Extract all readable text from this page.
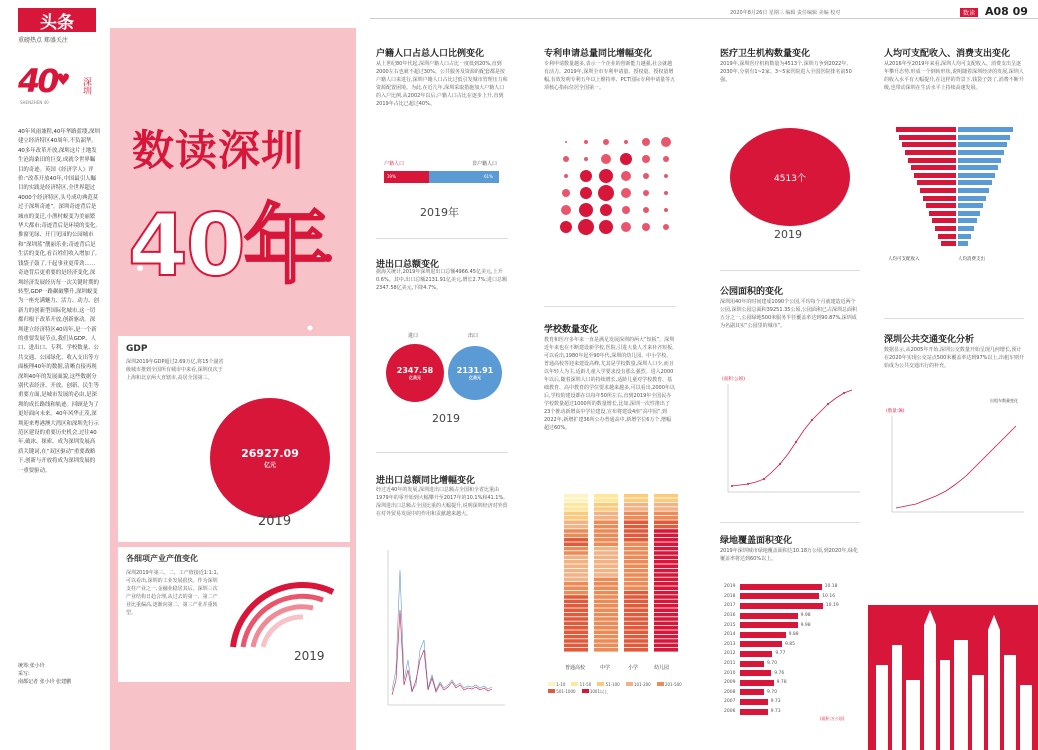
头条
重磅热点 郑盛关注
2020年8月26日 星期三 编辑 责任编辑 美编 校对	数读 A08 09
40 ♥ 深圳
SHENZHEN 40
40年风雨兼程,40年华路蓝缕,深圳建立经济特区40周年,不负韶华。40多年改革开放,深圳这片土地发生沧海桑田的巨变,成就令世界瞩目的奇迹。英国《经济学人》评价:“改革开放40年,中国最引人瞩目的实践是经济特区,全世界超过4000个经济特区,头号成功典范莫过于深圳奇迹”。深圳奇迹背后是城市的变迁,小渔村蜕变为美丽繁华大都市;奇迹背后是环境的变化,推窗见绿、开门见园的公园城市和“深圳蓝”靓丽乐业;奇迹背后是生活的变化,看百姓们收入增加了,钱袋子鼓了,干起事业更带劲……奇迹背后更重要的是经济变化,深圳经济发展经历每一次关键时期的转型,GDP一路飙破攀升,深圳蜕变为一座充满魅力、活力、动力、创新力的创新型国际化城市,这一切都归根于改革开放,创新驱动。深圳建立经济特区40周年,是一个新的重要发展节点,我们从GDP、人口、进出口、专利、学校数量、公共交通、公园绿化、收入支出等方面梳理40年的数据,清晰直接再现深圳40年的发展面貌,这些数据分别代表经济、开放、创新、民生等重要方面,是城市发展的必由,是深圳的成长路线和轨迹。回顾是为了更好面向未来。40年风华正茂,深圳迎来粤港澳大湾区和深圳先行示范区建设的重要历史机会,过往40年,破冰、探索、成为深圳发展高质关键词,在“双区驱动”重要战略下,创新与开放将成为深圳发展的一重要驱动。
统筹:张小玲
采写:
南都记者 张小玲 张建鹏
数读深圳
40年
GDP
深圳2019年GDP超过2.69万亿,将15个副省级城市推到全国所有城市中来看,深圳仅次于上海和北京两大直辖市,高居全国第三。
26927.09
亿元
2019
各细项产业产值变化
深圳2019年第三、二、工产值接近1:1:1,可以看出,深圳的工业发展很快。作为深圳支柱产业之一,金融业稳居其后。深圳三次产业结构日趋合理,从过去的第一、第二产业比重偏高,逐渐向第二、第三产业并重转型。
2019
户籍人口占总人口比例变化
从上世纪80年代起,深圳户籍人口占比一度低到20%,直到2000左右也就不超过30%。公共服务及资源的配套都是按户籍人口来进行,深圳户籍人口占比过低引发城市管理压力和资源配置困境。为此,在近几年,深圳采取措施加大户籍人口的入户比例,从2002年以后,户籍人口占比在逐步上升,直到2019年占比已超过40%。
户籍人口	非户籍人口
39%	61%
2019年
进出口总额变化
据海关统计,2019年深圳进出口总额4966.45亿美元,上升0.6%。其中,出口总额2131.91亿美元,增长2.7%;进口总额2347.58亿美元,下降4.7%。
进口	出口
2347.58
亿美元
2131.91
亿美元
2019
进出口总额同比增幅变化
经过近40年的发展,深圳进出口总额占全国和全省比重由1979年的零开始到大幅攀升至2017年的10.1%和41.1%,深圳进出口总额占全国比重的大幅提升,说明深圳经济对外贸在对外贸易发展中的作用和贡献越来越大。
专利申请总量同比增幅变化
专利申请数量越多,表示一个企业的创新能力越强,社会就越有活力。2019年,深圳全市专利申请量、授权量、授权量增幅,有效发明专利五年以上维持率、PCT国际专利申请量等五项核心指标位居全国第一。
学校数量变化
教育和医疗多年来一直是满足发展深圳的两大“短板”。深圳近年来也在不断建设新学校,医院,引进大量人才来补齐短板,可以看出,1980年起至90年代,深圳的幼儿园、中小学校、普通高校等迎来建设高峰,尤其是学校数量,深圳人口少,而且以年轻人为主,适龄儿童入学要求没有那么强烈。进入2000年以后,随着深圳人口的持续增长,适龄儿童对学校教育、基础教育、高中教育的学位要求越来越多,可以看出,2000年以后,学校的建设都在以每年50所左右,直到2019年全国民办学校数量超过1000所的数量增长,比如,深圳一次性推出了23个推动新增高中学位建设,宣布将建设4座“高中园”,到2022年,新增扩建36所公办普通高中,新增学位6万个,增幅超过60%。
普通高校	中学	小学	幼儿园
1-10	11-50	51-100	101-200	201-500
501-1000	1001以上
医疗卫生机构数量变化
2019年,深圳医疗机构数量为4513个,深圳力争到2022年、2030年,分别有1~2家、3~5家医院进入全国医院排名前50强。
4513个
2019
公园面积的变化
深圳用40年的时间建成1090个公园,平均每个月就建造近两个公园,深圳公园总面积39251.35公顷,公园面积已占深圳总面积五分之一,公园绿地500米服务半径覆盖率达到90.87%,深圳成为名副其实“公园里的城市”。
(面积:公顷)
绿地覆盖面积变化
2019年深圳城市绿地覆盖面积达10.18万公顷,到2020年,绿化覆盖率将达到60%以上。
2019	10.18
2018	10.16
2017	10.19
2016	9.98
2015	9.98
2014	9.88
2013	9.85
2012	9.77
2011	9.70
2010	9.76
2009	9.78
2008	9.70
2007	9.73
2006	9.73
(面积:万公顷)
人均可支配收入、消费支出变化
从2016年至2019年来看,深圳人均可支配收入、消费支出呈逐年攀升态势,形成一个倒转形状,说明随着深圳经济的发展,深圳人的收入水平有大幅提升,在这样的背景下,钱袋子鼓了,消费不断升级,也带动深圳在生活水平上持续高速发展。
人均可支配收入	人均消费支出
深圳公共交通变化分析
数据显示,从2005年开始,深圳公交数量开始呈现几何增长,预计在2020年实现公交站点500米覆盖率达到97%以上,出租车则开始成为公共交通出行的补充。
出租车数量变化
(数量:辆)
